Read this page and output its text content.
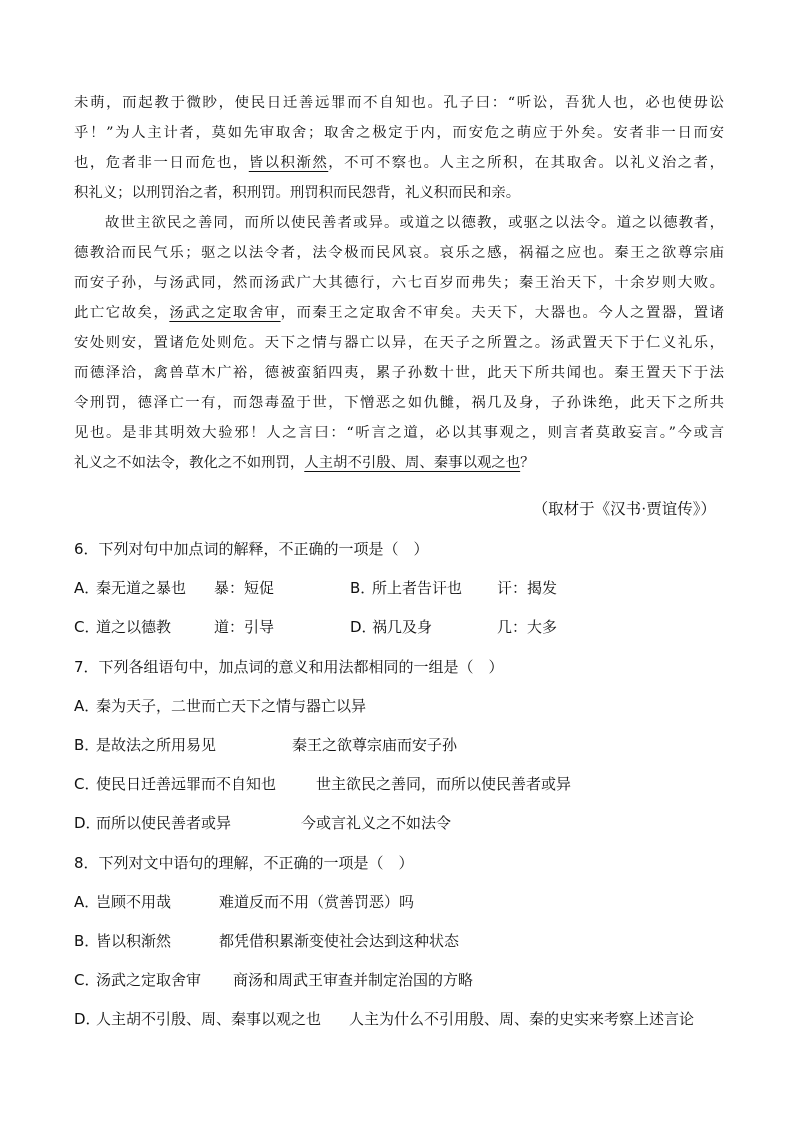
未萌，而起教于微眇，使民日迁善远罪而不自知也。孔子曰：“听讼，吾犹人也，必也使毋讼
乎！”为人主计者，莫如先审取舍；取舍之极定于内，而安危之萌应于外矣。安者非一日而安
也，危者非一日而危也，皆以积渐然，不可不察也。人主之所积，在其取舍。以礼义治之者，
积礼义；以刑罚治之者，积刑罚。刑罚积而民怨背，礼义积而民和亲。
　　故世主欲民之善同，而所以使民善者或异。或道之以德教，或驱之以法令。道之以德教者，
德教洽而民气乐；驱之以法令者，法令极而民风哀。哀乐之感，祸福之应也。秦王之欲尊宗庙
而安子孙，与汤武同，然而汤武广大其德行，六七百岁而弗失；秦王治天下，十余岁则大败。
此亡它故矣，汤武之定取舍审，而秦王之定取舍不审矣。夫天下，大器也。今人之置器，置诸
安处则安，置诸危处则危。天下之情与器亡以异，在天子之所置之。汤武置天下于仁义礼乐，
而德泽洽，禽兽草木广裕，德被蛮貊四夷，累子孙数十世，此天下所共闻也。秦王置天下于法
令刑罚，德泽亡一有，而怨毒盈于世，下憎恶之如仇雠，祸几及身，子孙诛绝，此天下之所共
见也。是非其明效大验邪！人之言曰：“听言之道，必以其事观之，则言者莫敢妄言。”今或言
礼义之不如法令，教化之不如刑罚，人主胡不引殷、周、秦事以观之也？
（取材于《汉书·贾谊传》）
6．下列对句中加点词的解释，不正确的一项是（　）
A．
秦无道之暴也	暴：短促	B．
所上者告讦也	讦：揭发
C．
道之以德教	道：引导	D．
祸几及身	几：大多
7．下列各组语句中，加点词的意义和用法都相同的一组是（　）
A．秦为天子，二世而亡天下之情与器亡以异
B．是故法之所用易见	秦王之欲尊宗庙而安子孙
C．使民日迁善远罪而不自知也	世主欲民之善同，而所以使民善者或异
D．而所以使民善者或异	今或言礼义之不如法令
8．下列对文中语句的理解，不正确的一项是（　）
A．岂顾不用哉	难道反而不用（赏善罚恶）吗
B．皆以积渐然	都凭借积累渐变使社会达到这种状态
C．汤武之定取舍审 商汤和周武王审查并制定治国的方略
D．人主胡不引殷、周、秦事以观之也 人主为什么不引用殷、周、秦的史实来考察上述言论
